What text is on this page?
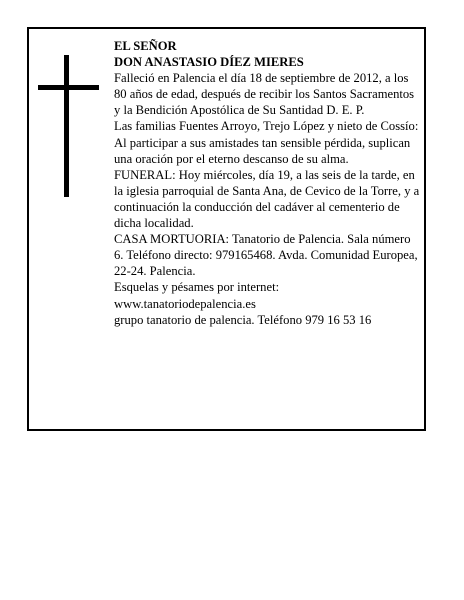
EL SEÑOR

DON ANASTASIO DÍEZ MIERES

Falleció en Palencia el día 18 de septiembre de 2012, a los 80 años de edad, después de recibir los Santos Sacramentos y la Bendición Apostólica de Su Santidad D. E. P.

Las familias Fuentes Arroyo, Trejo López y nieto de Cossío:

Al participar a sus amistades tan sensible pérdida, suplican una oración por el eterno descanso de su alma.

FUNERAL: Hoy miércoles, día 19, a las seis de la tarde, en la iglesia parroquial de Santa Ana, de Cevico de la Torre, y a continuación la conducción del cadáver al cementerio de dicha localidad.

CASA MORTUORIA: Tanatorio de Palencia. Sala número 6. Teléfono directo: 979165468. Avda. Comunidad Europea, 22-24. Palencia.

Esquelas y pésames por internet:

www.tanatoriodepalencia.es

grupo tanatorio de palencia. Teléfono 979 16 53 16
